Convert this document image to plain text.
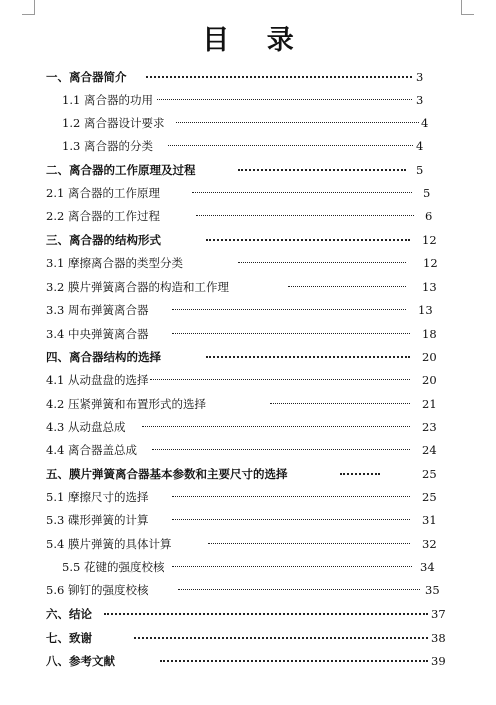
目 录
一、离合器简介	3
1.1 离合器的功用	3
1.2 离合器设计要求	4
1.3 离合器的分类	4
二、离合器的工作原理及过程	5
2.1 离合器的工作原理	5
2.2 离合器的工作过程	6
三、离合器的结构形式	12
3.1 摩擦离合器的类型分类	12
3.2 膜片弹簧离合器的构造和工作理	13
3.3 周布弹簧离合器	13
3.4 中央弹簧离合器	18
四、离合器结构的选择	20
4.1 从动盘盘的选择	20
4.2 压紧弹簧和布置形式的选择	21
4.3 从动盘总成	23
4.4 离合器盖总成	24
五、膜片弹簧离合器基本参数和主要尺寸的选择	25
5.1 摩擦尺寸的选择	25
5.3 碟形弹簧的计算	31
5.4 膜片弹簧的具体计算	32
5.5 花键的强度校核	34
5.6 铆钉的强度校核	35
六、结论	37
七、致谢	38
八、参考文献	39
